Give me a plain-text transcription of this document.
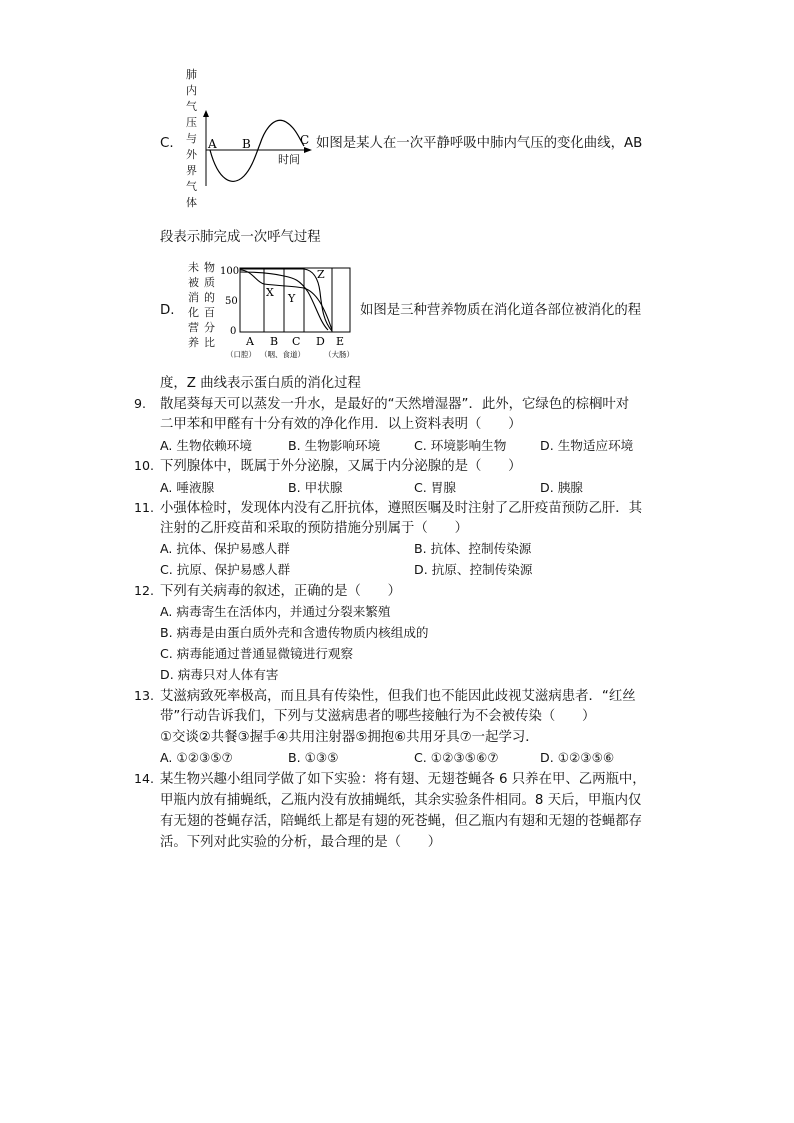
C.
肺
内
气
压
与
外
界
气
体
A B	C
时间
如图是某人在一次平静呼吸中肺内气压的变化曲线，AB
段表示肺完成一次呼气过程
D.
未
被
消
化
营
养
物
质
的
百
分
比
100
50
0
X Y
Z
A B C D E
（口腔） （咽、食道）	（大肠）
如图是三种营养物质在消化道各部位被消化的程
度，Z 曲线表示蛋白质的消化过程
9. 散尾葵每天可以蒸发一升水，是最好的“天然增湿器”．此外，它绿色的棕榈叶对
二甲苯和甲醛有十分有效的净化作用．以上资料表明（　　）
A. 生物依赖环境	B. 生物影响环境	C. 环境影响生物	D. 生物适应环境
10. 下列腺体中，既属于外分泌腺，又属于内分泌腺的是（　　）
A. 唾液腺	B. 甲状腺	C. 胃腺	D. 胰腺
11. 小强体检时，发现体内没有乙肝抗体，遵照医嘱及时注射了乙肝疫苗预防乙肝．其
注射的乙肝疫苗和采取的预防措施分别属于（　　）
A. 抗体、保护易感人群	B. 抗体、控制传染源
C. 抗原、保护易感人群	D. 抗原、控制传染源
12. 下列有关病毒的叙述，正确的是（　　）
A. 病毒寄生在活体内，并通过分裂来繁殖
B. 病毒是由蛋白质外壳和含遗传物质内核组成的
C. 病毒能通过普通显微镜进行观察
D. 病毒只对人体有害
13. 艾滋病致死率极高，而且具有传染性，但我们也不能因此歧视艾滋病患者．“红丝
带”行动告诉我们，下列与艾滋病患者的哪些接触行为不会被传染（　　）
①交谈②共餐③握手④共用注射器⑤拥抱⑥共用牙具⑦一起学习．
A. ①②③⑤⑦	B. ①③⑤	C. ①②③⑤⑥⑦	D. ①②③⑤⑥
14. 某生物兴趣小组同学做了如下实验：将有翅、无翅苍蝇各 6 只养在甲、乙两瓶中，
甲瓶内放有捕蝇纸，乙瓶内没有放捕蝇纸，其余实验条件相同。8 天后，甲瓶内仅
有无翅的苍蝇存活，陪蝇纸上都是有翅的死苍蝇，但乙瓶内有翅和无翅的苍蝇都存
活。下列对此实验的分析，最合理的是（　　）
